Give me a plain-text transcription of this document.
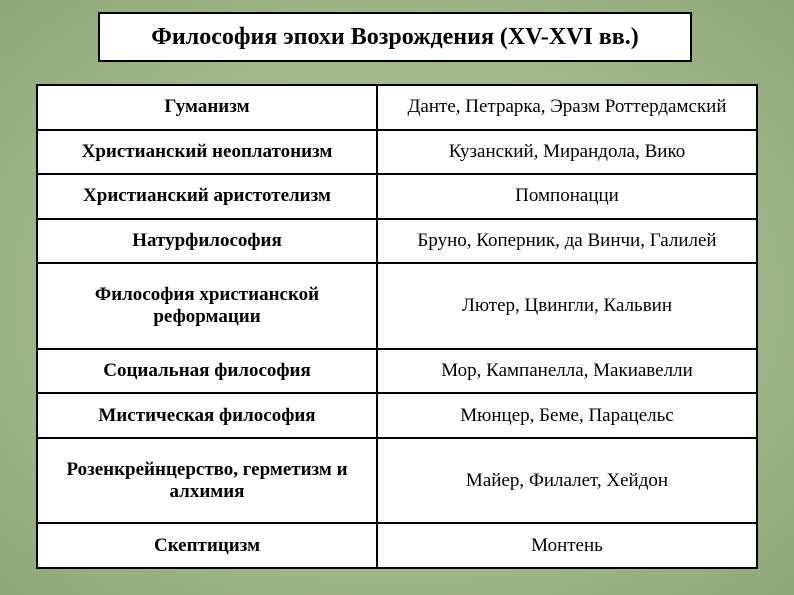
Философия эпохи Возрождения (XV-XVI вв.)
Гуманизм	Данте, Петрарка, Эразм Роттердамский
Христианский неоплатонизм	Кузанский, Мирандола, Вико
Христианский аристотелизм	Помпонацци
Натурфилософия	Бруно, Коперник, да Винчи, Галилей
Философия христианской реформации	Лютер, Цвингли, Кальвин
Социальная философия	Мор, Кампанелла, Макиавелли
Мистическая философия	Мюнцер, Беме, Парацельс
Розенкрейнцерство, герметизм и алхимия	Майер, Филалет, Хейдон
Скептицизм	Монтень
